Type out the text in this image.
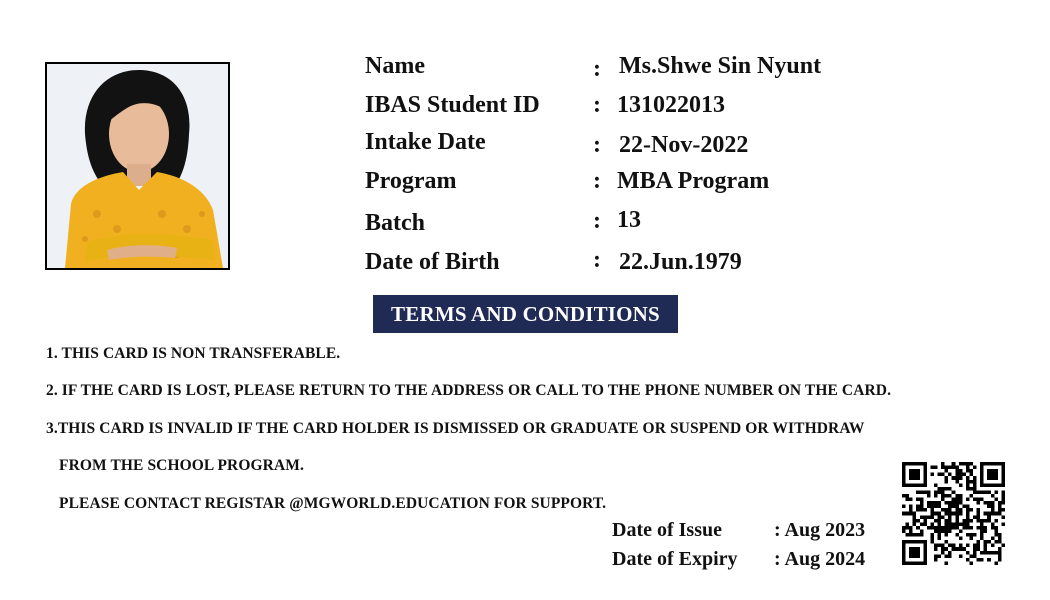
Name	: Ms.Shwe Sin Nyunt
IBAS Student ID : 131022013
Intake Date	: 22-Nov-2022
Program	: MBA Program
Batch	: 13
Date of Birth	: 22.Jun.1979
TERMS AND CONDITIONS
1. THIS CARD IS NON TRANSFERABLE.
2. IF THE CARD IS LOST, PLEASE RETURN TO THE ADDRESS OR CALL TO THE PHONE NUMBER ON THE CARD.
3.THIS CARD IS INVALID IF THE CARD HOLDER IS DISMISSED OR GRADUATE OR SUSPEND OR WITHDRAW
FROM THE SCHOOL PROGRAM.
PLEASE CONTACT REGISTAR @MGWORLD.EDUCATION FOR SUPPORT.
Date of Issue	: Aug 2023
Date of Expiry : Aug 2024
